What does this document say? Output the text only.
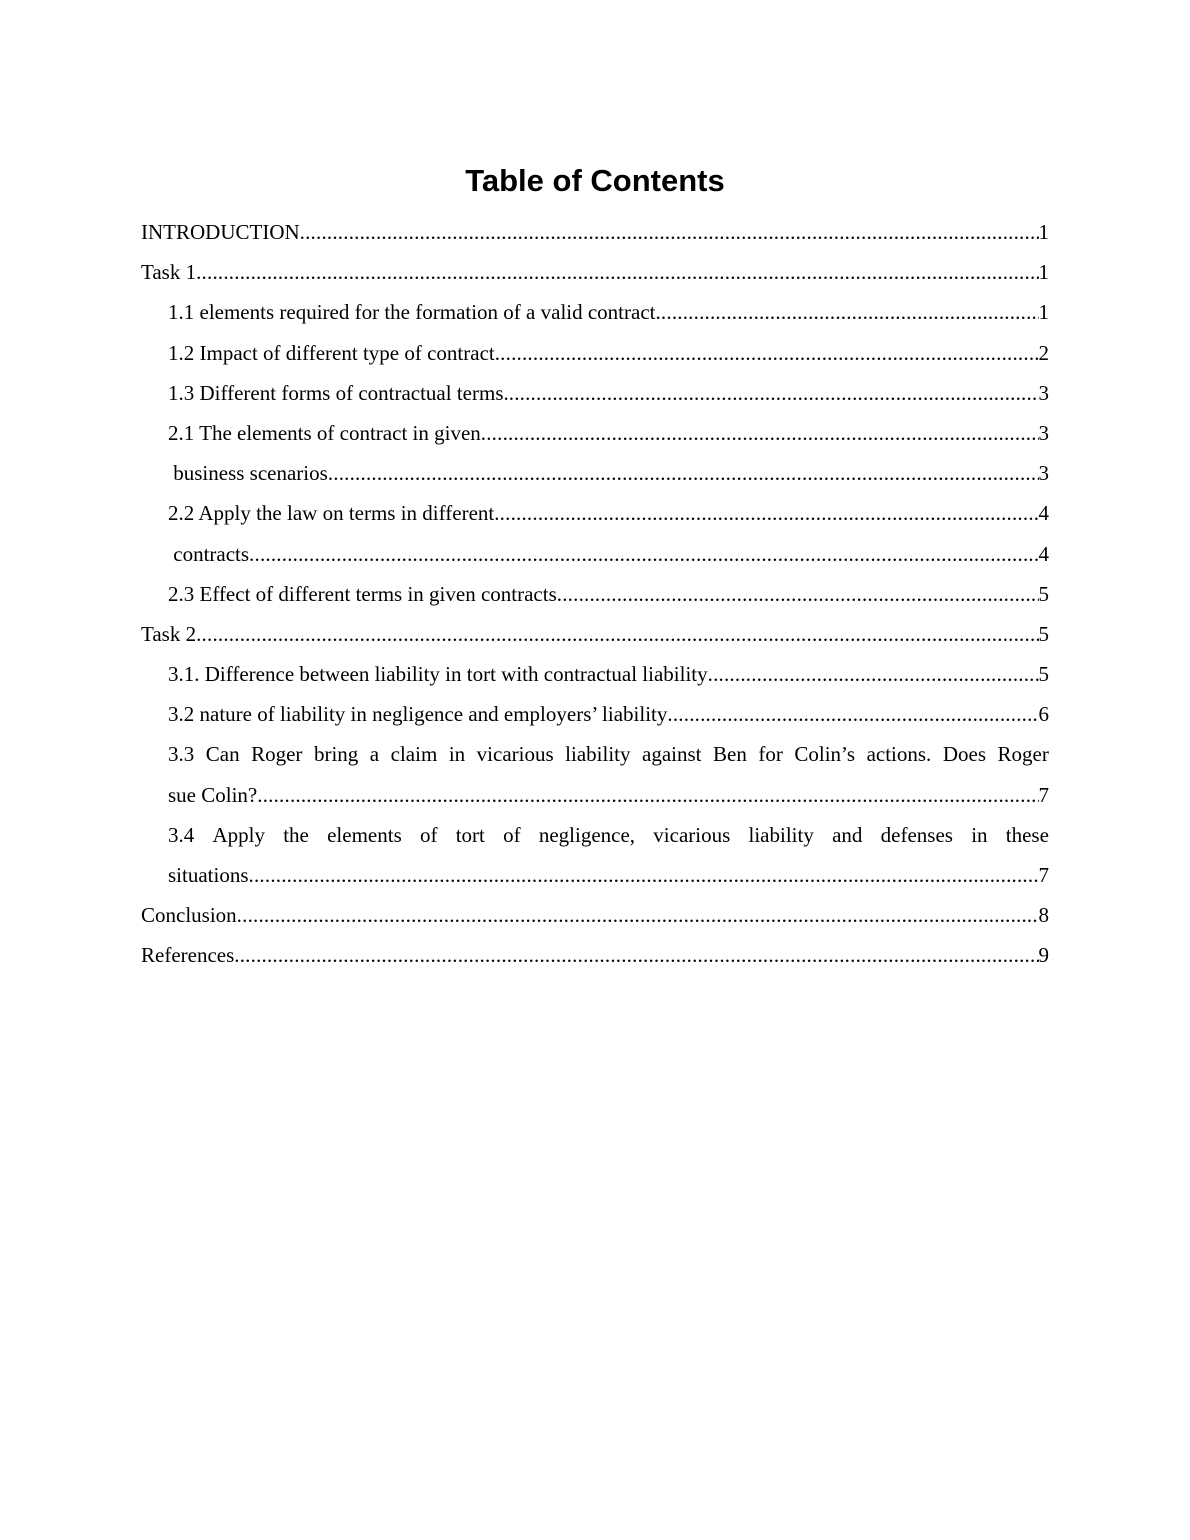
Table of Contents
INTRODUCTION .....	1
Task 1 .....	1
1.1 elements required for the formation of a valid contract .....	1
1.2 Impact of different type of contract .....	2
1.3 Different forms of contractual terms. .....	3
2.1 The elements of contract in given .....	3
business scenarios .....	3
2.2 Apply the law on terms in different .....	4
contracts .....	4
2.3 Effect of different terms in given contracts .....	5
Task 2 .....	5
3.1. Difference between liability in tort with contractual liability .....	5
3.2 nature of liability in negligence and employers’ liability .....	6
3.3 Can Roger bring a claim in vicarious liability against Ben for Colin’s actions. Does Roger
sue Colin? .....	7
3.4 Apply the elements of tort of negligence, vicarious liability and defenses in these
situations .....	7
Conclusion .....	8
References .....	9
